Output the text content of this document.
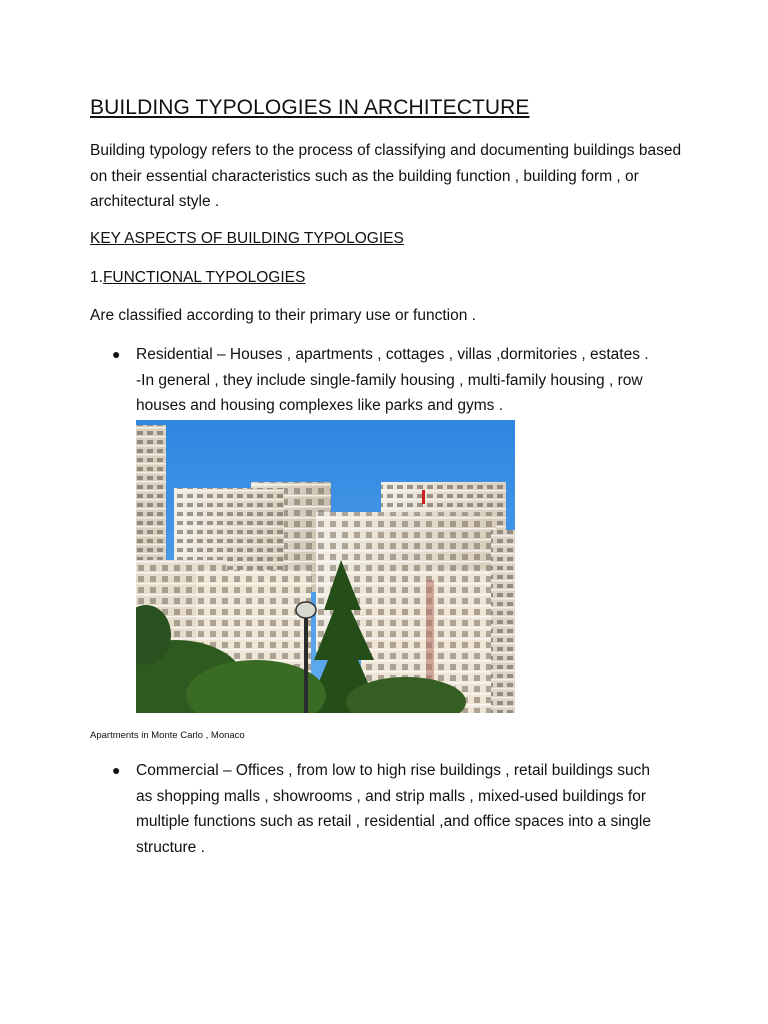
BUILDING TYPOLOGIES IN ARCHITECTURE

Building typology refers to the process of classifying and documenting buildings based on their essential characteristics such as the building function , building form , or architectural style .

KEY ASPECTS OF BUILDING TYPOLOGIES

1.FUNCTIONAL TYPOLOGIES

Are classified according to their primary use or function .

●	Residential – Houses , apartments , cottages , villas ,dormitories , estates .
-In general , they include single-family housing , multi-family housing , row
houses and housing complexes like parks and gyms .

Apartments in Monte Carlo , Monaco

●	Commercial – Offices , from low to high rise buildings , retail buildings such
as shopping malls , showrooms , and strip malls , mixed-used buildings for
multiple functions such as retail , residential ,and office spaces into a single
structure .
